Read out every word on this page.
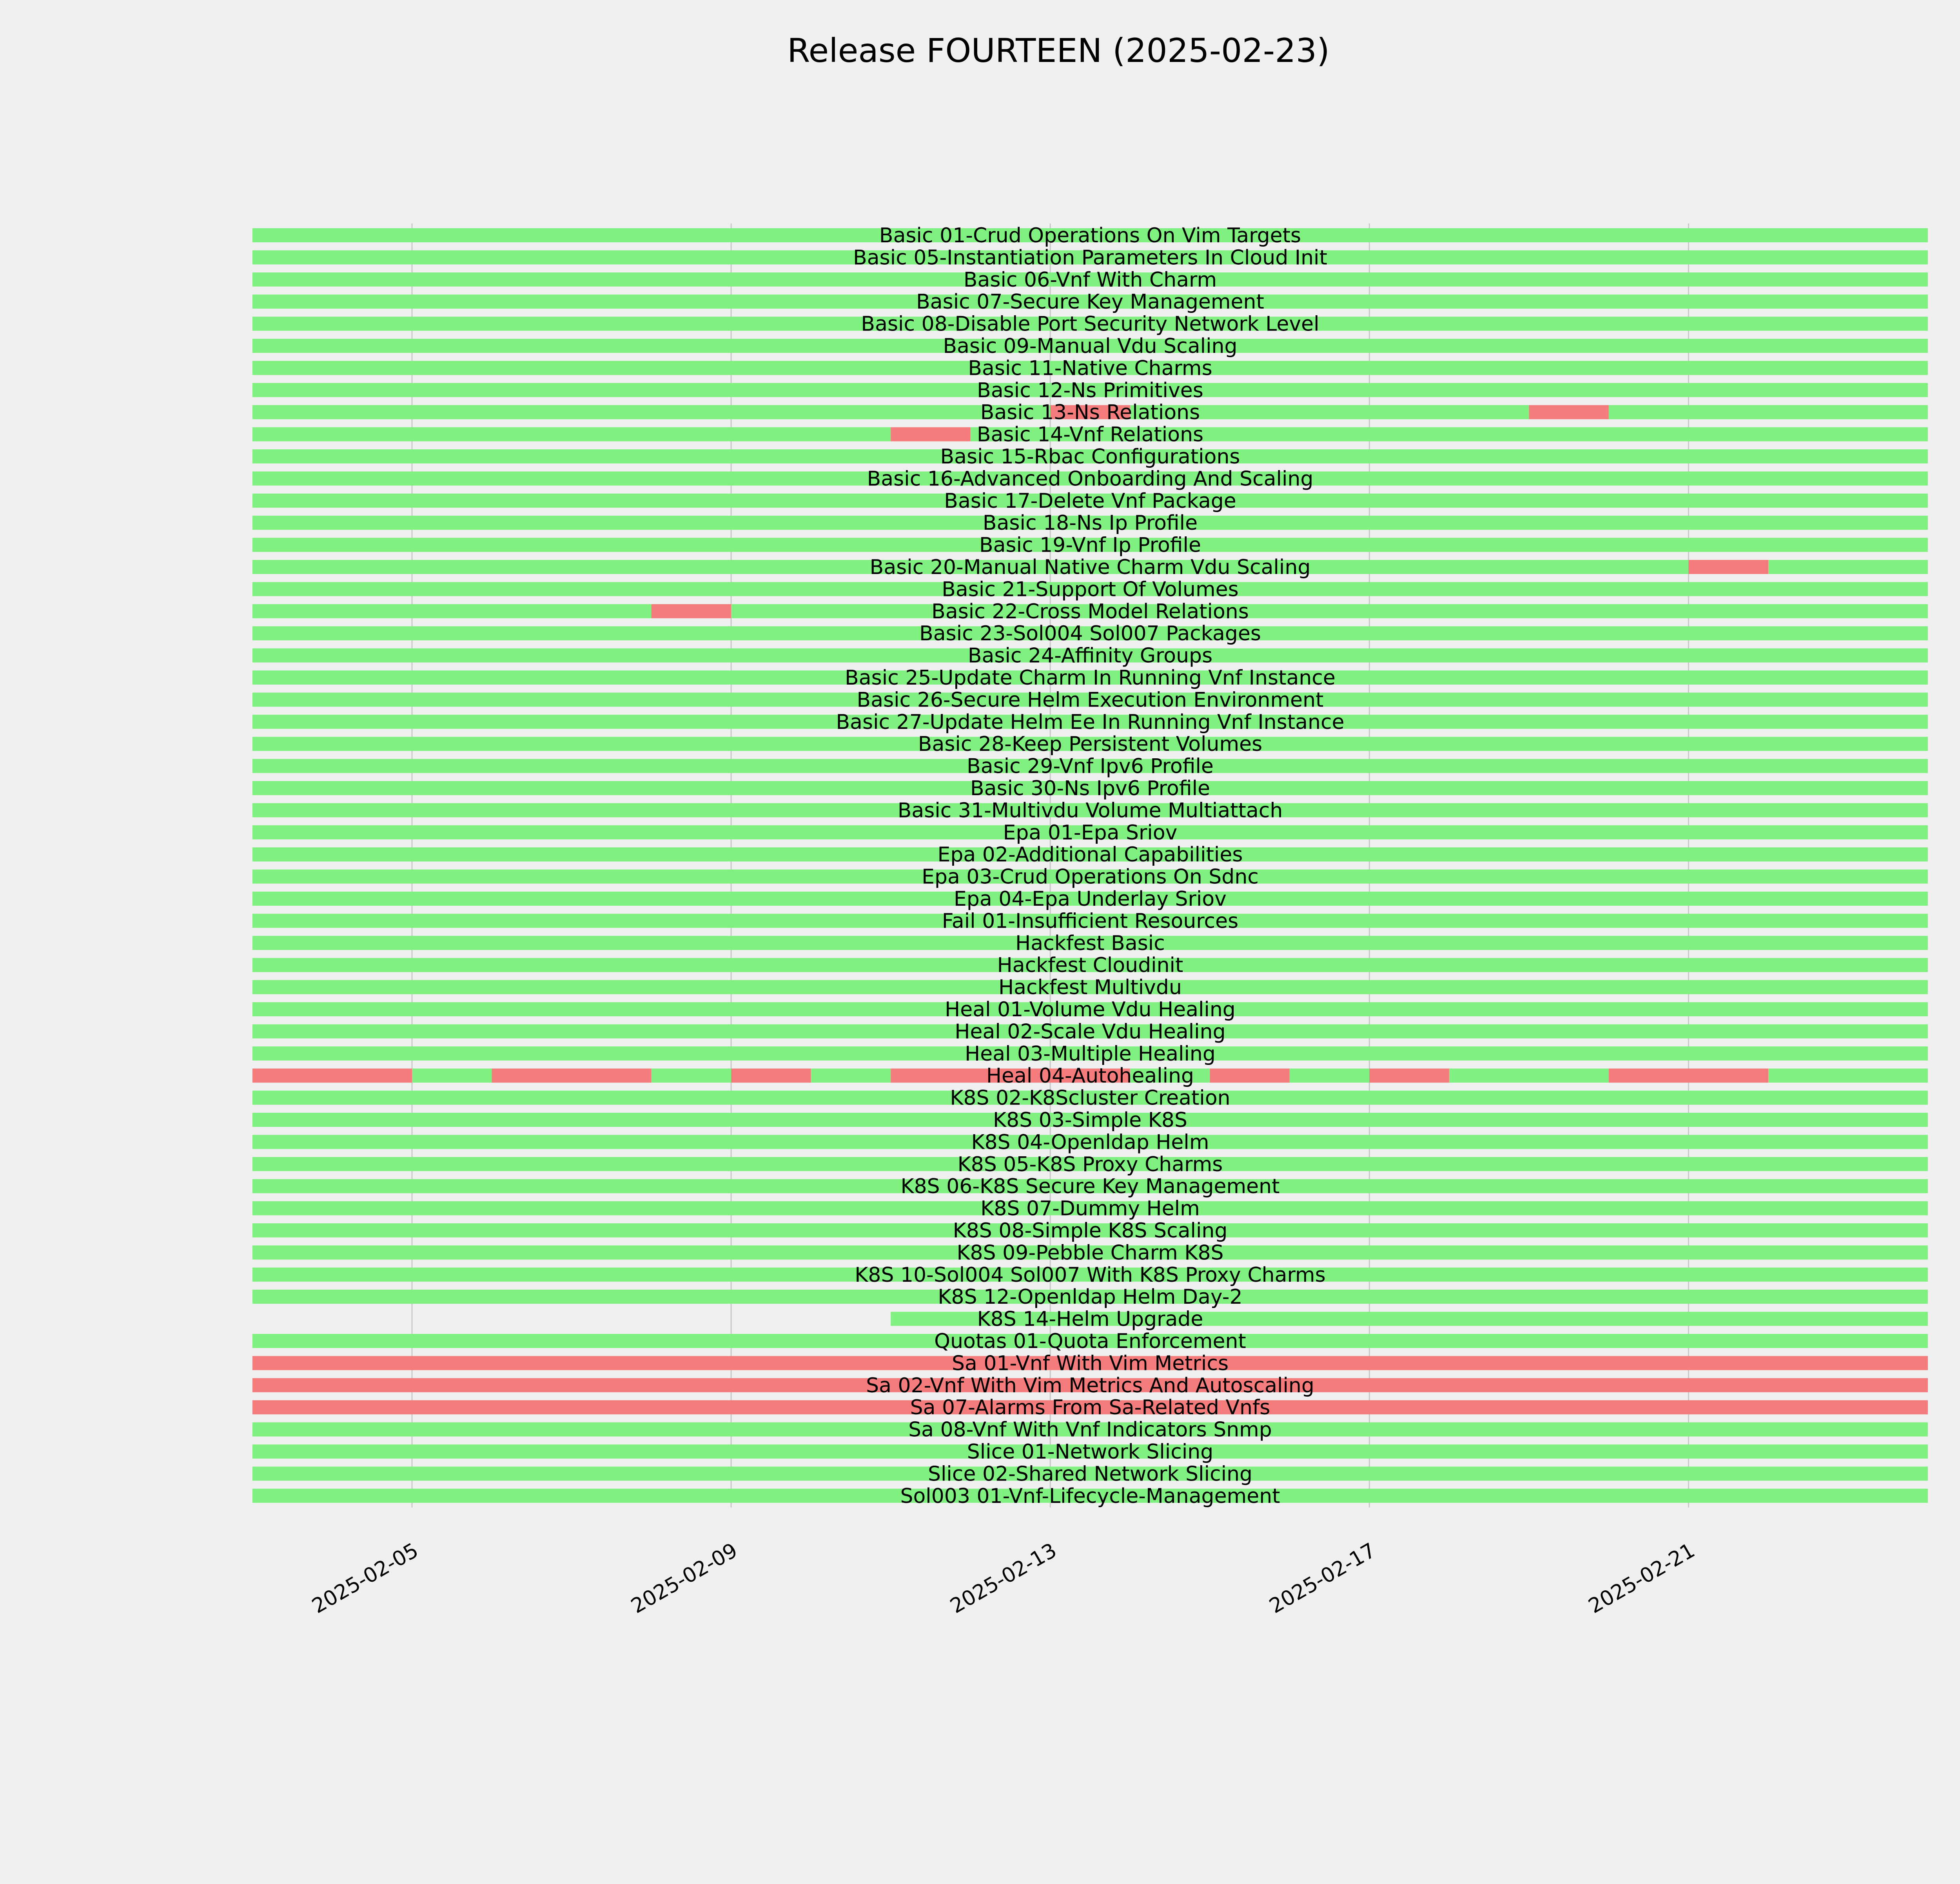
Release FOURTEEN (2025-02-23)
Basic 01-Crud Operations On Vim Targets
Basic 05-Instantiation Parameters In Cloud Init
Basic 06-Vnf With Charm
Basic 07-Secure Key Management
Basic 08-Disable Port Security Network Level
Basic 09-Manual Vdu Scaling
Basic 11-Native Charms
Basic 12-Ns Primitives
Basic 13-Ns Relations
Basic 14-Vnf Relations
Basic 15-Rbac Configurations
Basic 16-Advanced Onboarding And Scaling
Basic 17-Delete Vnf Package
Basic 18-Ns Ip Profile
Basic 19-Vnf Ip Profile
Basic 20-Manual Native Charm Vdu Scaling
Basic 21-Support Of Volumes
Basic 22-Cross Model Relations
Basic 23-Sol004 Sol007 Packages
Basic 24-Affinity Groups
Basic 25-Update Charm In Running Vnf Instance
Basic 26-Secure Helm Execution Environment
Basic 27-Update Helm Ee In Running Vnf Instance
Basic 28-Keep Persistent Volumes
Basic 29-Vnf Ipv6 Profile
Basic 30-Ns Ipv6 Profile
Basic 31-Multivdu Volume Multiattach
Epa 01-Epa Sriov
Epa 02-Additional Capabilities
Epa 03-Crud Operations On Sdnc
Epa 04-Epa Underlay Sriov
Fail 01-Insufficient Resources
Hackfest Basic
Hackfest Cloudinit
Hackfest Multivdu
Heal 01-Volume Vdu Healing
Heal 02-Scale Vdu Healing
Heal 03-Multiple Healing
Heal 04-Autohealing
K8S 02-K8Scluster Creation
K8S 03-Simple K8S
K8S 04-Openldap Helm
K8S 05-K8S Proxy Charms
K8S 06-K8S Secure Key Management
K8S 07-Dummy Helm
K8S 08-Simple K8S Scaling
K8S 09-Pebble Charm K8S
K8S 10-Sol004 Sol007 With K8S Proxy Charms
K8S 12-Openldap Helm Day-2
K8S 14-Helm Upgrade
Quotas 01-Quota Enforcement
Sa 01-Vnf With Vim Metrics
Sa 02-Vnf With Vim Metrics And Autoscaling
Sa 07-Alarms From Sa-Related Vnfs
Sa 08-Vnf With Vnf Indicators Snmp
Slice 01-Network Slicing
Slice 02-Shared Network Slicing
Sol003 01-Vnf-Lifecycle-Management
2025-02-05	2025-02-09	2025-02-13	2025-02-17	2025-02-21
